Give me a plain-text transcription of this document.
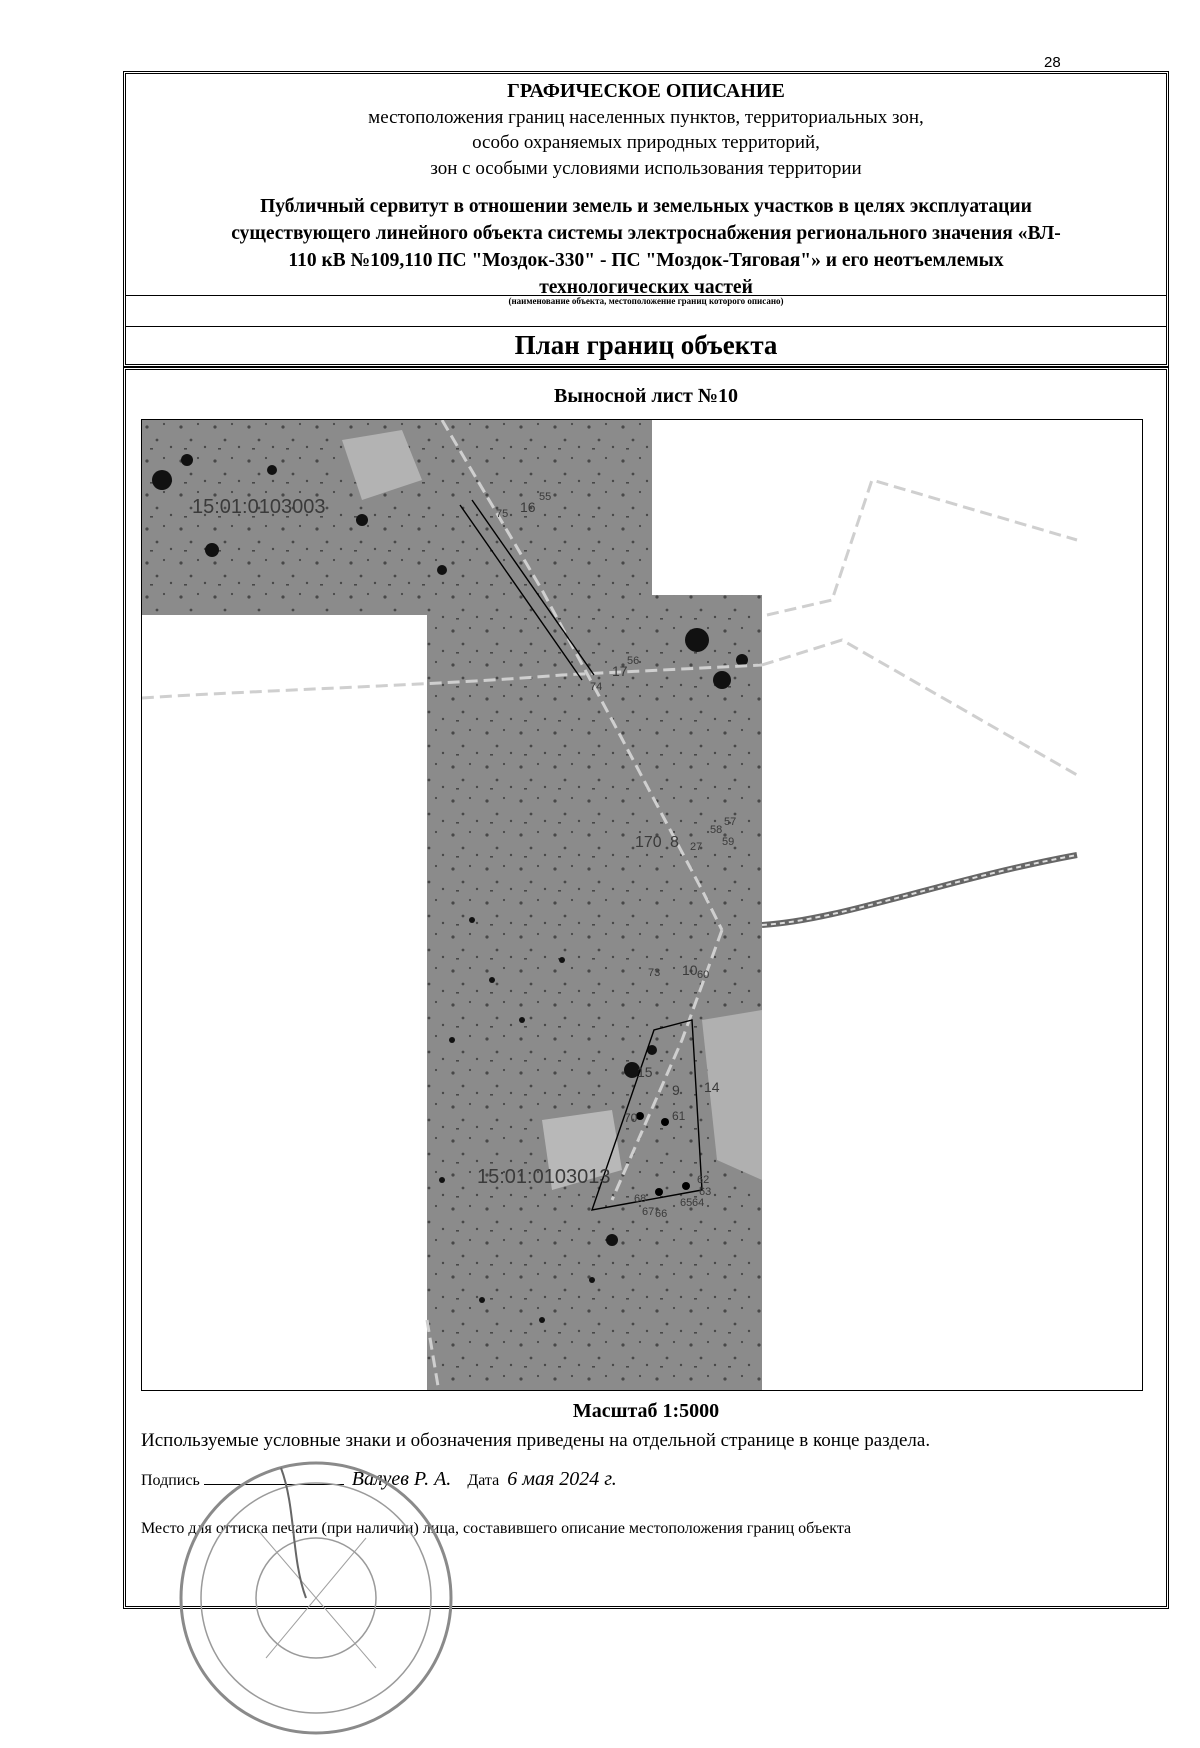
28
ГРАФИЧЕСКОЕ ОПИСАНИЕ
местоположения границ населенных пунктов, территориальных зон,
особо охраняемых природных территорий,
зон с особыми условиями использования территории
Публичный сервитут в отношении земель и земельных участков в целях эксплуатации
существующего линейного объекта системы электроснабжения регионального значения «ВЛ-
110 кВ №109,110 ПС "Моздок-330" - ПС "Моздок-Тяговая"» и его неотъемлемых
технологических частей
(наименование объекта, местоположение границ которого описано)
План границ объекта
Выносной лист №10
15:01:0103003
15:01:0103013
16
55
75
17
56
74
57
58
59
170 8 27
10 60
73
15
9 14
70	61
62
63
68
67 66
65 64
Масштаб 1:5000
Используемые условные знаки и обозначения приведены на отдельной странице в конце раздела.
Подпись	Валуев Р. А. Дата 6 мая 2024 г.
Место для оттиска печати (при наличии) лица, составившего описание местоположения границ объекта
